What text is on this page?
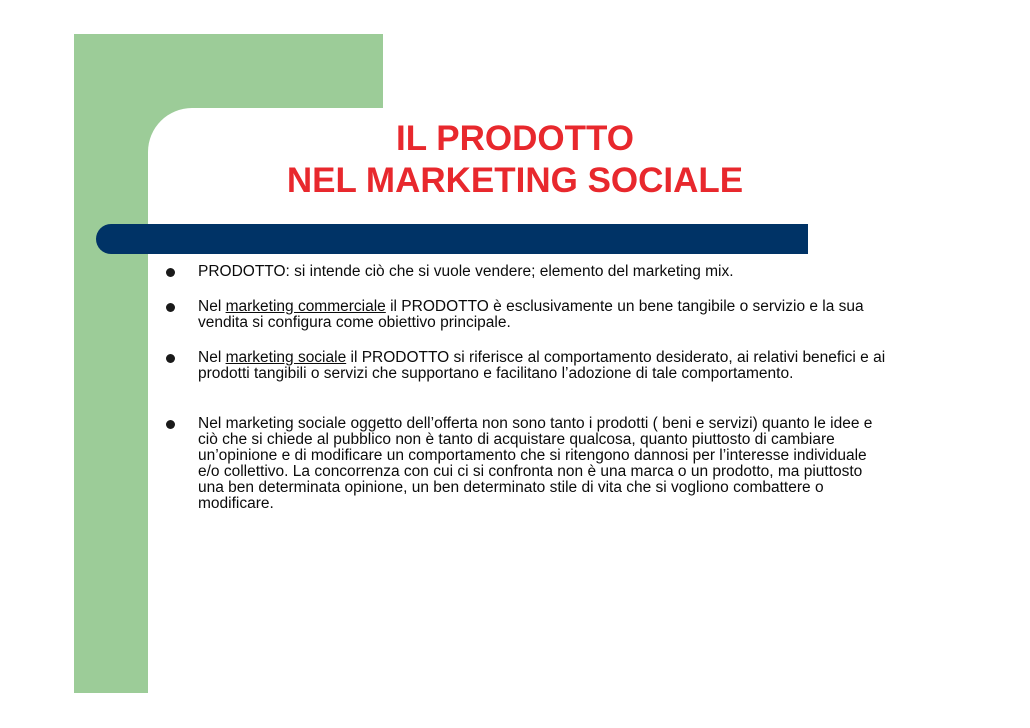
IL PRODOTTO
NEL MARKETING SOCIALE
PRODOTTO: si intende ciò che si vuole vendere; elemento del marketing mix.
Nel marketing commerciale il PRODOTTO è esclusivamente un bene tangibile o servizio e la sua vendita si configura come obiettivo principale.
Nel marketing sociale il PRODOTTO si riferisce al comportamento desiderato, ai relativi benefici e ai prodotti tangibili o servizi che supportano e facilitano l’adozione di tale comportamento.
Nel marketing sociale oggetto dell’offerta non sono tanto i prodotti ( beni e servizi) quanto le idee e ciò che si chiede al pubblico non è tanto di acquistare qualcosa, quanto piuttosto di cambiare un’opinione e di modificare un comportamento che si ritengono dannosi per l’interesse individuale e/o collettivo. La concorrenza con cui ci si confronta non è una marca o un prodotto, ma piuttosto una ben determinata opinione, un ben determinato stile di vita che si vogliono combattere o modificare.
